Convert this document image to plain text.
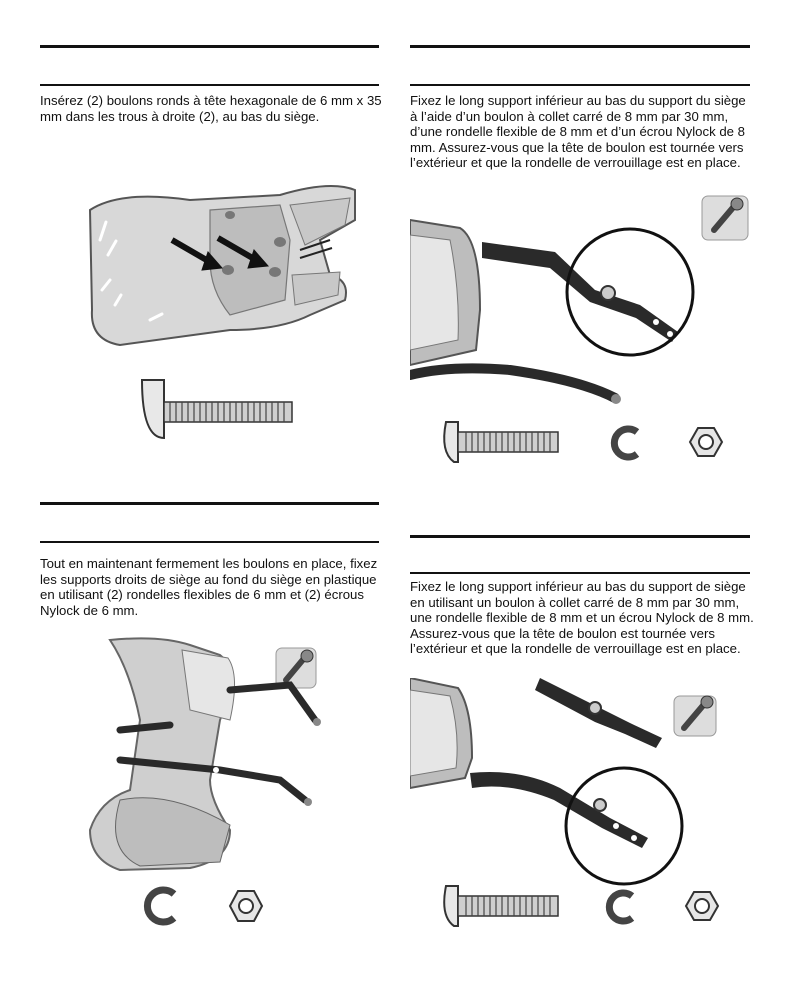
Insérez (2) boulons ronds à tête hexagonale de 6 mm x 35 mm dans les trous à droite (2), au bas du siège.

Fixez le long support inférieur au bas du support du siège à l’aide d’un boulon à collet carré de 8 mm par 30 mm, d’une rondelle flexible de 8 mm et d’un écrou Nylock de 8 mm. Assurez-vous que la tête de boulon est tournée vers l’extérieur et que la rondelle de verrouillage est en place.

Tout en maintenant fermement les boulons en place, fixez les supports droits de siège au fond du siège en plastique en utilisant (2) rondelles flexibles de 6 mm et (2) écrous Nylock de 6 mm.

Fixez le long support inférieur au bas du support de siège en utilisant un boulon à collet carré de 8 mm par 30 mm, une rondelle flexible de 8 mm et un écrou Nylock de 8 mm. Assurez-vous que la tête de boulon est tournée vers l’extérieur et que la rondelle de verrouillage est en place.
